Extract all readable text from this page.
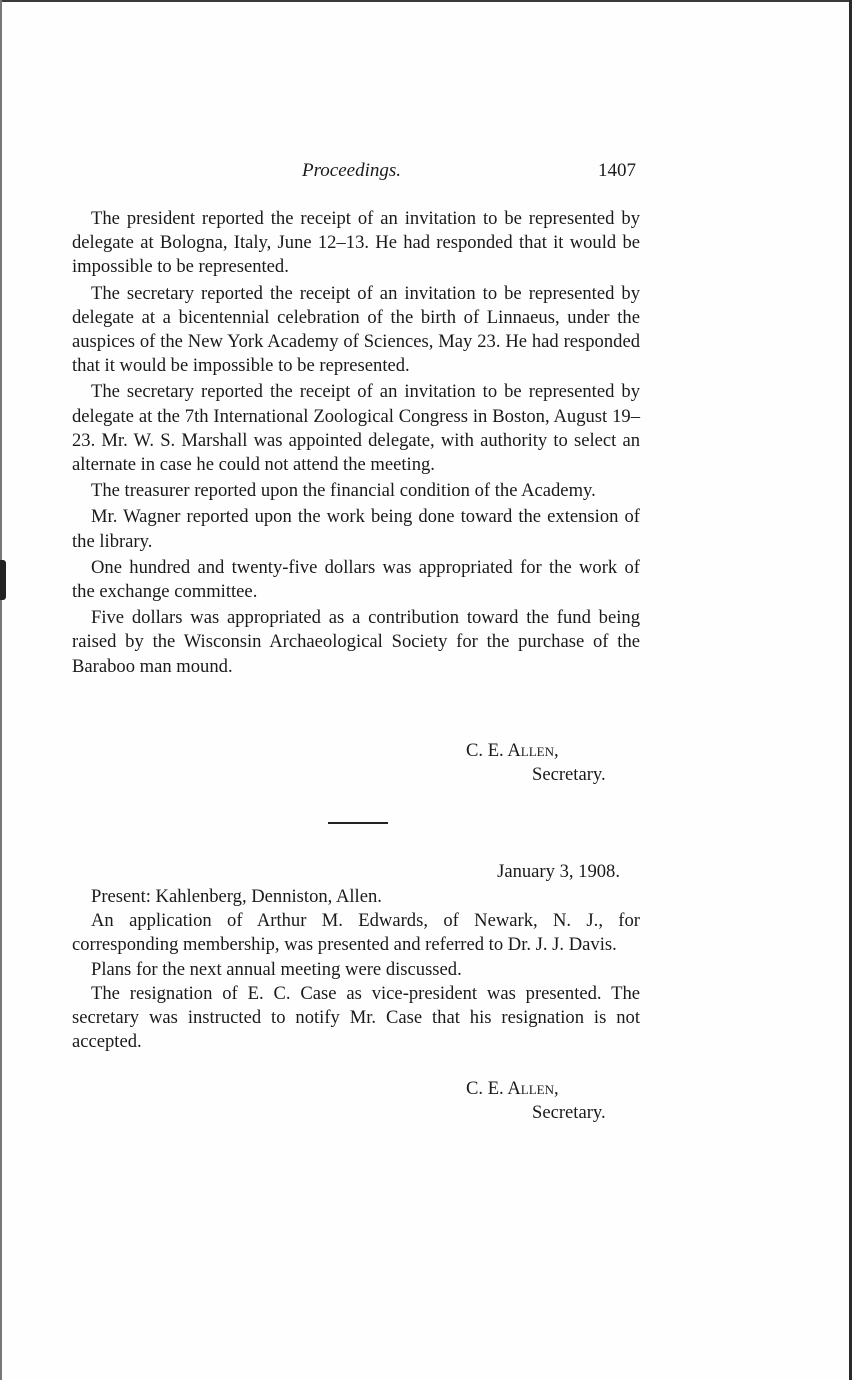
Proceedings.	1407

The president reported the receipt of an invitation to be represented by delegate at Bologna, Italy, June 12–13. He had responded that it would be impossible to be represented.

The secretary reported the receipt of an invitation to be represented by delegate at a bicentennial celebration of the birth of Linnaeus, under the auspices of the New York Academy of Sciences, May 23. He had responded that it would be impossible to be represented.

The secretary reported the receipt of an invitation to be represented by delegate at the 7th International Zoological Congress in Boston, August 19–23. Mr. W. S. Marshall was appointed delegate, with authority to select an alternate in case he could not attend the meeting.

The treasurer reported upon the financial condition of the Academy.

Mr. Wagner reported upon the work being done toward the extension of the library.

One hundred and twenty-five dollars was appropriated for the work of the exchange committee.

Five dollars was appropriated as a contribution toward the fund being raised by the Wisconsin Archaeological Society for the purchase of the Baraboo man mound.

C. E. Allen,
Secretary.
January 3, 1908.

Present: Kahlenberg, Denniston, Allen.

An application of Arthur M. Edwards, of Newark, N. J., for corresponding membership, was presented and referred to Dr. J. J. Davis.

Plans for the next annual meeting were discussed.

The resignation of E. C. Case as vice-president was presented. The secretary was instructed to notify Mr. Case that his resignation is not accepted.

C. E. Allen,
Secretary.
